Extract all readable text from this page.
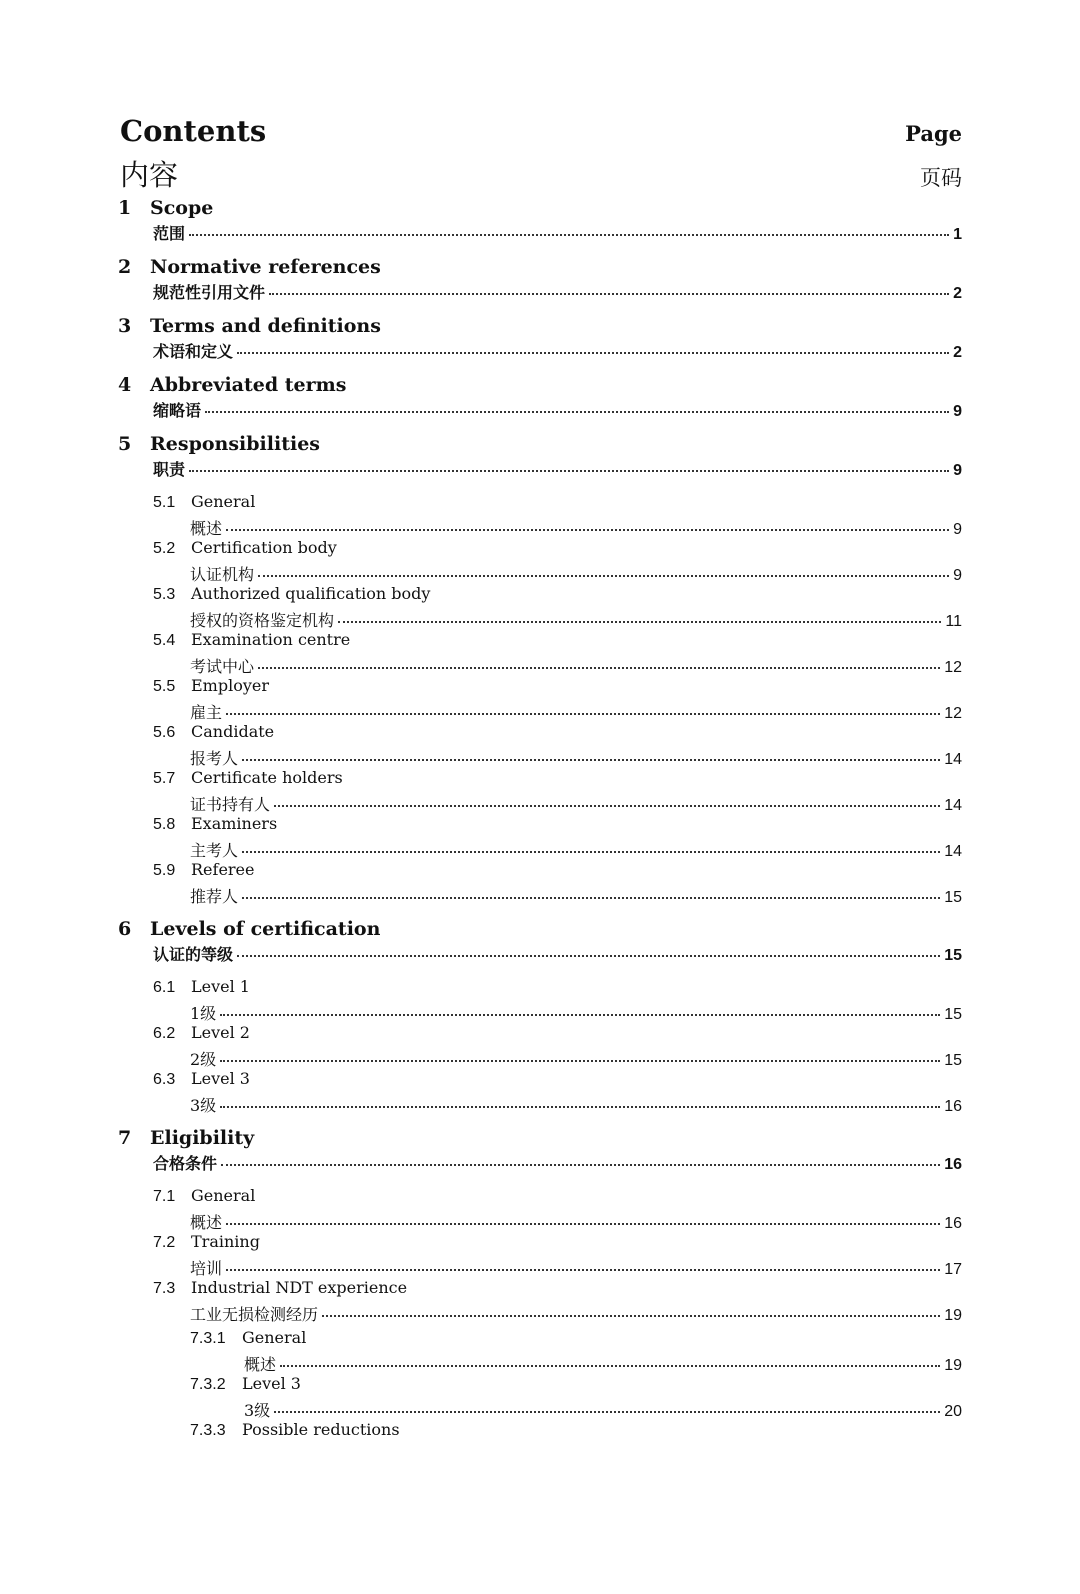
Contents	Page
内容	页码
1 Scope
范围	1
2 Normative references
规范性引用文件	2
3 Terms and definitions
术语和定义	2
4 Abbreviated terms
缩略语	9
5 Responsibilities
职责	9
5.1 General
概述	9
5.2 Certification body
认证机构	9
5.3 Authorized qualification body
授权的资格鉴定机构	11
5.4 Examination centre
考试中心	12
5.5 Employer
雇主	12
5.6 Candidate
报考人	14
5.7 Certificate holders
证书持有人	14
5.8 Examiners
主考人	14
5.9 Referee
推荐人	15
6 Levels of certification
认证的等级	15
6.1 Level 1
1级	15
6.2 Level 2
2级	15
6.3 Level 3
3级	16
7 Eligibility
合格条件	16
7.1 General
概述	16
7.2 Training
培训	17
7.3 Industrial NDT experience
工业无损检测经历	19
7.3.1	General
概述	19
7.3.2	Level 3
3级	20
7.3.3	Possible reductions
